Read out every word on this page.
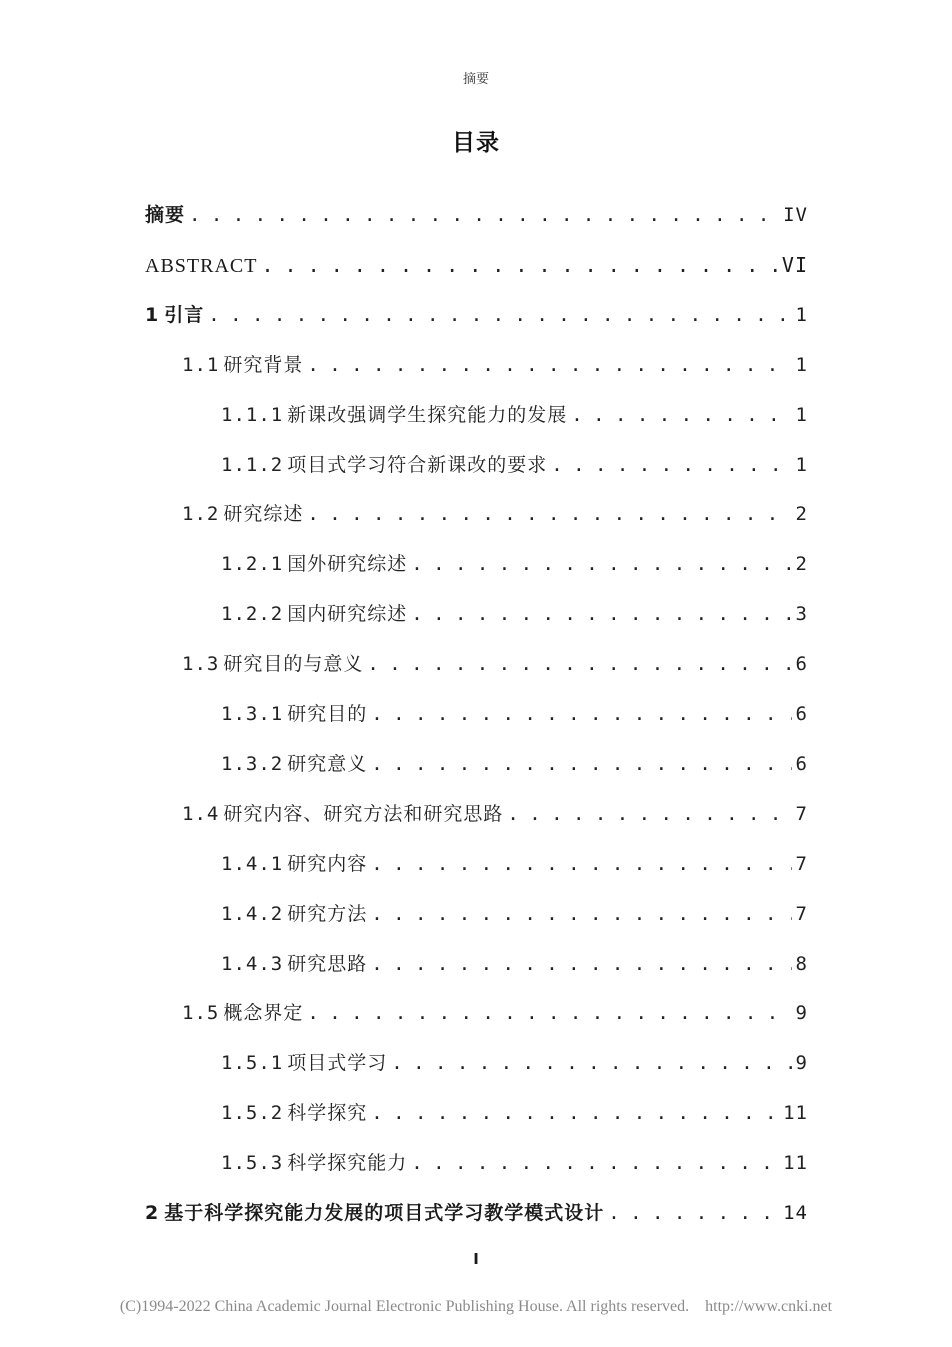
摘要
目录
摘要 . . .	IV
ABSTRACT . . .	VI
1 引言 . . .	1
1.1 研究背景 . . .	1
1.1.1 新课改强调学生探究能力的发展 . . .	1
1.1.2 项目式学习符合新课改的要求 . . .	1
1.2 研究综述 . . .	2
1.2.1 国外研究综述 . . .	2
1.2.2 国内研究综述 . . .	3
1.3 研究目的与意义 . . .	6
1.3.1 研究目的 . . .	6
1.3.2 研究意义 . . .	6
1.4 研究内容、研究方法和研究思路 . . .	7
1.4.1 研究内容 . . .	7
1.4.2 研究方法 . . .	7
1.4.3 研究思路 . . .	8
1.5 概念界定 . . .	9
1.5.1 项目式学习 . . .	9
1.5.2 科学探究 . . .	11
1.5.3 科学探究能力 . . .	11
2 基于科学探究能力发展的项目式学习教学模式设计 . . .	14
I
(C)1994-2022 China Academic Journal Electronic Publishing House. All rights reserved.    http://www.cnki.net
